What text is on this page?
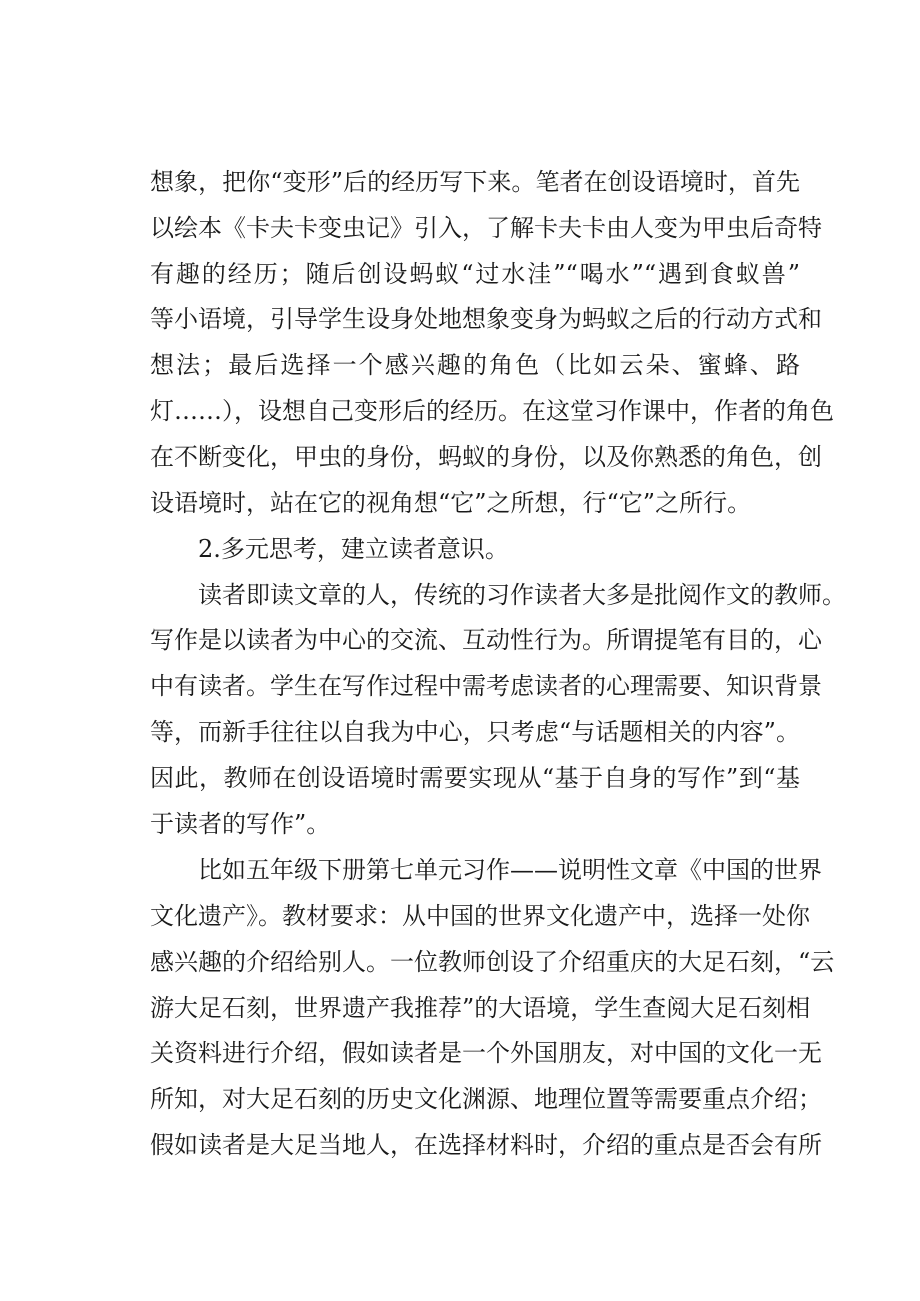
想象，把你“变形”后的经历写下来。笔者在创设语境时，首先
以绘本《卡夫卡变虫记》引入，了解卡夫卡由人变为甲虫后奇特
有趣的经历；随后创设蚂蚁“过水洼”“喝水”“遇到食蚁兽”
等小语境，引导学生设身处地想象变身为蚂蚁之后的行动方式和
想法；最后选择一个感兴趣的角色（比如云朵、蜜蜂、路
灯……），设想自己变形后的经历。在这堂习作课中，作者的角色
在不断变化，甲虫的身份，蚂蚁的身份，以及你熟悉的角色，创
设语境时，站在它的视角想“它”之所想，行“它”之所行。
2.多元思考，建立读者意识。
读者即读文章的人，传统的习作读者大多是批阅作文的教师。
写作是以读者为中心的交流、互动性行为。所谓提笔有目的，心
中有读者。学生在写作过程中需考虑读者的心理需要、知识背景
等，而新手往往以自我为中心，只考虑“与话题相关的内容”。
因此，教师在创设语境时需要实现从“基于自身的写作”到“基
于读者的写作”。
比如五年级下册第七单元习作——说明性文章《中国的世界
文化遗产》。教材要求：从中国的世界文化遗产中，选择一处你
感兴趣的介绍给别人。一位教师创设了介绍重庆的大足石刻，“云
游大足石刻，世界遗产我推荐”的大语境，学生查阅大足石刻相
关资料进行介绍，假如读者是一个外国朋友，对中国的文化一无
所知，对大足石刻的历史文化渊源、地理位置等需要重点介绍；
假如读者是大足当地人，在选择材料时，介绍的重点是否会有所
